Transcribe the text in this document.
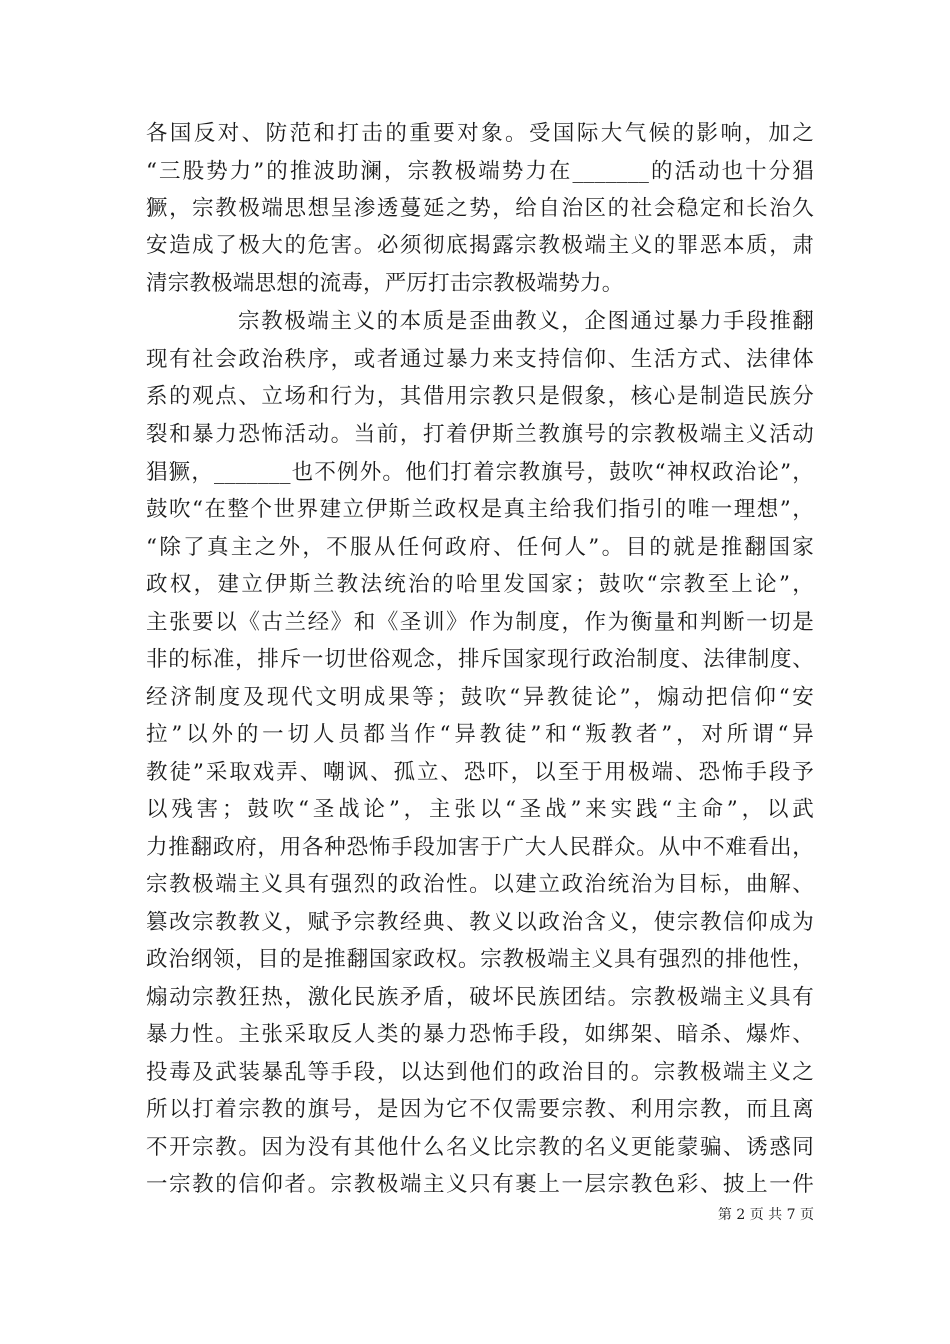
各国反对、防范和打击的重要对象。受国际大气候的影响，加之
“三股势力”的推波助澜，宗教极端势力在_______的活动也十分猖
獗，宗教极端思想呈渗透蔓延之势，给自治区的社会稳定和长治久
安造成了极大的危害。必须彻底揭露宗教极端主义的罪恶本质，肃
清宗教极端思想的流毒，严厉打击宗教极端势力。
宗教极端主义的本质是歪曲教义，企图通过暴力手段推翻
现有社会政治秩序，或者通过暴力来支持信仰、生活方式、法律体
系的观点、立场和行为，其借用宗教只是假象，核心是制造民族分
裂和暴力恐怖活动。当前，打着伊斯兰教旗号的宗教极端主义活动
猖獗，_______也不例外。他们打着宗教旗号，鼓吹“神权政治论”，
鼓吹“在整个世界建立伊斯兰政权是真主给我们指引的唯一理想”，
“除了真主之外，不服从任何政府、任何人”。目的就是推翻国家
政权，建立伊斯兰教法统治的哈里发国家；鼓吹“宗教至上论”，
主张要以《古兰经》和《圣训》作为制度，作为衡量和判断一切是
非的标准，排斥一切世俗观念，排斥国家现行政治制度、法律制度、
经济制度及现代文明成果等；鼓吹“异教徒论”，煽动把信仰“安
拉”以外的一切人员都当作“异教徒”和“叛教者”，对所谓“异
教徒”采取戏弄、嘲讽、孤立、恐吓，以至于用极端、恐怖手段予
以残害；鼓吹“圣战论”，主张以“圣战”来实践“主命”，以武
力推翻政府，用各种恐怖手段加害于广大人民群众。从中不难看出，
宗教极端主义具有强烈的政治性。以建立政治统治为目标，曲解、
篡改宗教教义，赋予宗教经典、教义以政治含义，使宗教信仰成为
政治纲领，目的是推翻国家政权。宗教极端主义具有强烈的排他性，
煽动宗教狂热，激化民族矛盾，破坏民族团结。宗教极端主义具有
暴力性。主张采取反人类的暴力恐怖手段，如绑架、暗杀、爆炸、
投毒及武装暴乱等手段，以达到他们的政治目的。宗教极端主义之
所以打着宗教的旗号，是因为它不仅需要宗教、利用宗教，而且离
不开宗教。因为没有其他什么名义比宗教的名义更能蒙骗、诱惑同
一宗教的信仰者。宗教极端主义只有裹上一层宗教色彩、披上一件
第 2 页 共 7 页
